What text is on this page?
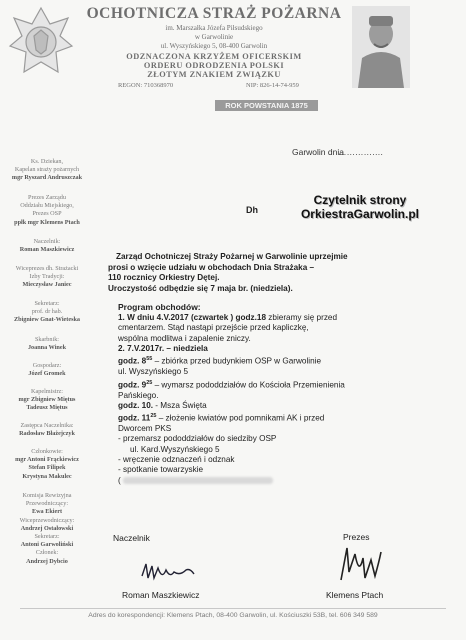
OCHOTNICZA STRAŻ POŻARNA
im. Marszałka Józefa Piłsudskiego
w Garwolinie
ul. Wyszyńskiego 5, 08-400 Garwolin
ODZNACZONA KRZYŻEM OFICERSKIM
ORDERU ODRODZENIA POLSKI
ZŁOTYM ZNAKIEM ZWIĄZKU
REGON: 710368970	NIP: 826-14-74-959
ROK POWSTANIA 1875
Ks. Dziekan,
Kapelan straży pożarnych
mgr Ryszard Andruszczak
Prezes Zarządu
Oddziału Miejskiego,
Prezes OSP
ppłk mgr Klemens Ptach
Naczelnik:
Roman Maszkiewicz
Wiceprezes dh. Strażacki
Izby Tradycji:
Mieczysław Janiec
Sekretarz:
prof. dr hab.
Zbigniew Gnat-Wieteska
Skarbnik:
Joanna Winek
Gospodarz:
Józef Gromek
Kapelmistrz:
mgr Zbigniew Miętus
Tadeusz Miętus
Zastępca Naczelnika:
Radosław Błażejczyk
Członkowie:
mgr Antoni Frąckiewicz
Stefan Filipek
Krystyna Makulec
Komisja Rewizyjna
Przewodniczący:
Ewa Ekiert
Wiceprzewodniczący:
Andrzej Ostałowski
Sekretarz:
Antoni Garwoliński
Członek:
Andrzej Dybcio
Garwolin dnia
…………….
Dh
Czytelnik strony
OrkiestraGarwolin.pl
Zarząd Ochotniczej Straży Pożarnej w Garwolinie uprzejmie
prosi o wzięcie udziału w obchodach Dnia Strażaka –
110 rocznicy Orkiestry Dętej.
Uroczystość odbędzie się 7 maja br. (niedziela).
Program obchodów:
1. W dniu 4.V.2017 (czwartek ) godz.18 zbieramy się przed
cmentarzem. Stąd nastąpi przejście przed kapliczkę,
wspólna modlitwa i zapalenie zniczy.
2. 7.V.2017r. – niedziela
godz. $8^{55}$ – zbiórka przed budynkiem OSP w Garwolinie
ul. Wyszyńskiego 5
godz. $9^{25}$ – wymarsz pododdziałów do Kościoła Przemienienia
Pańskiego.
godz. 10. - Msza Święta
godz. $11^{25}$ – złożenie kwiatów pod pomnikami AK i przed
Dworcem PKS
- przemarsz pododdziałów do siedziby OSP
ul. Kard.Wyszyńskiego 5
- wręczenie odznaczeń i odznak
- spotkanie towarzyskie
(
Naczelnik
Roman Maszkiewicz
Prezes
Klemens Ptach
Adres do korespondencji: Klemens Ptach, 08-400 Garwolin, ul. Kościuszki 53B, tel. 606 349 589
